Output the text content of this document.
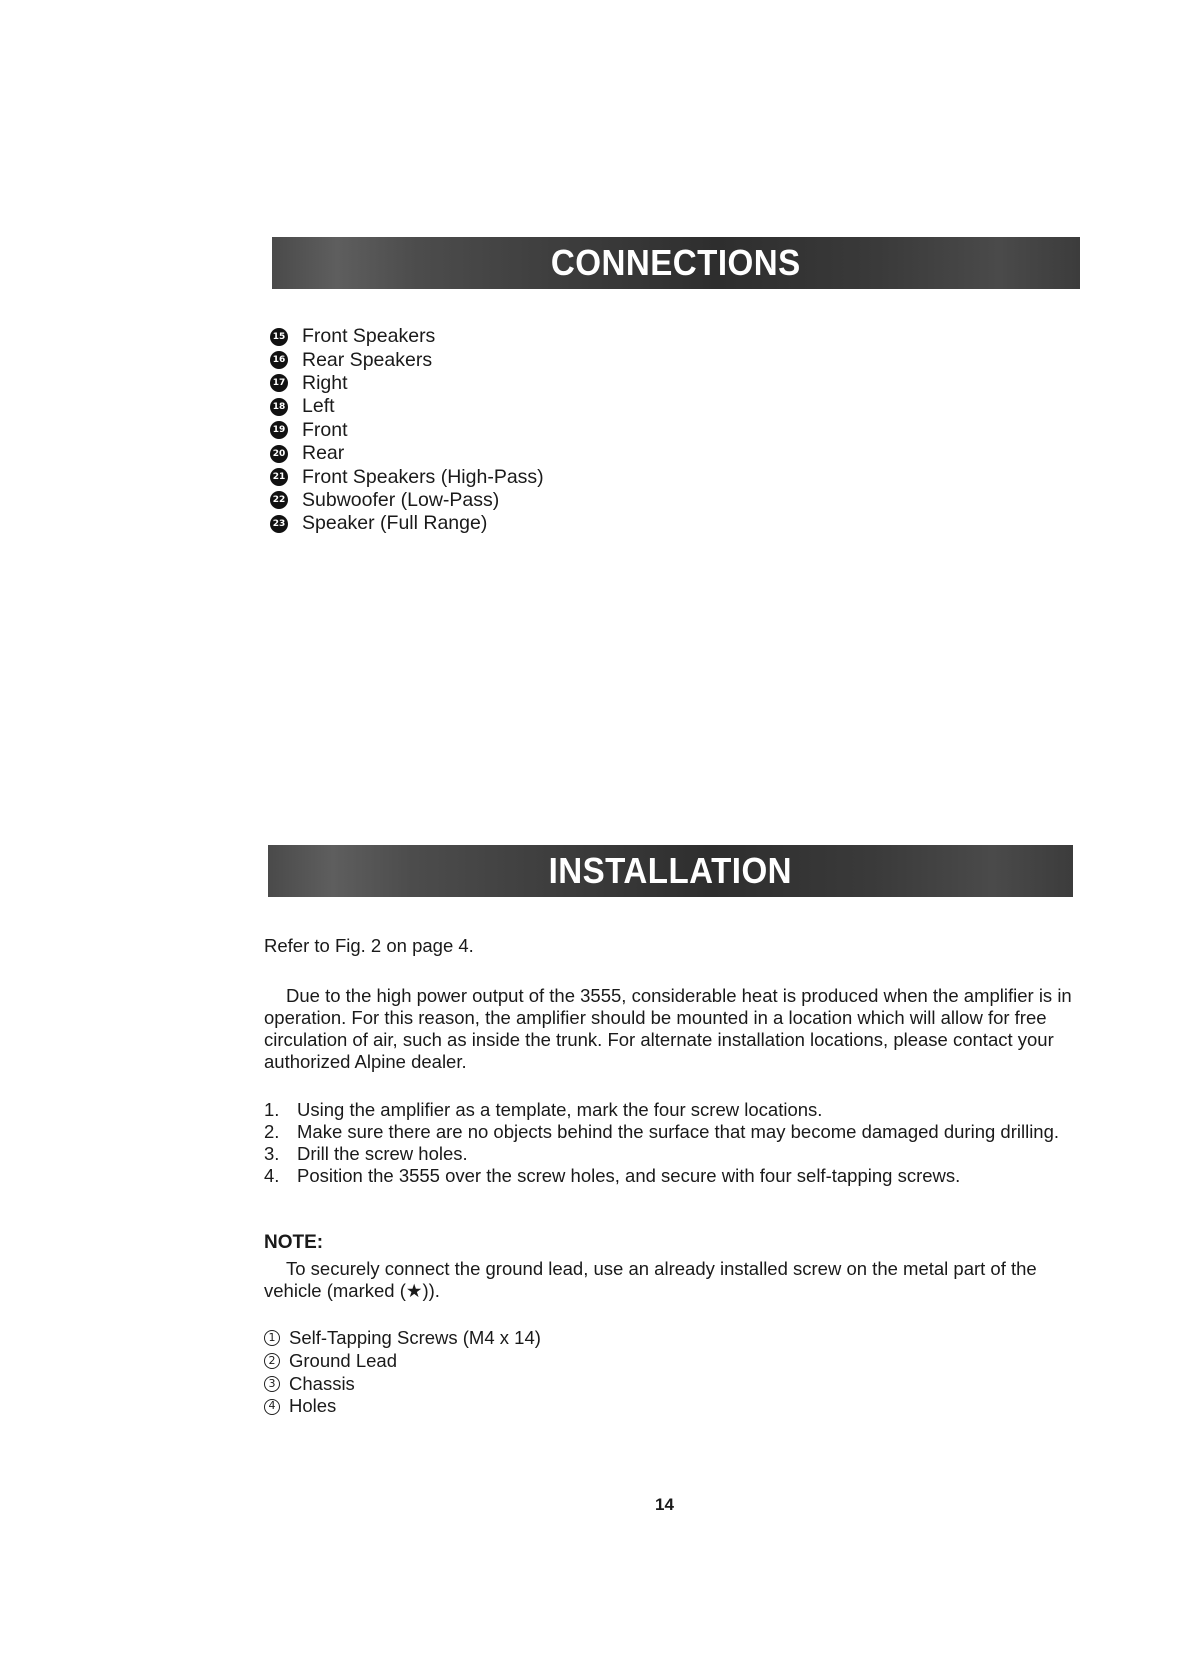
CONNECTIONS
15 Front Speakers
16 Rear Speakers
17 Right
18 Left
19 Front
20 Rear
21 Front Speakers (High-Pass)
22 Subwoofer (Low-Pass)
23 Speaker (Full Range)
INSTALLATION
Refer to Fig. 2 on page 4.

Due to the high power output of the 3555, considerable heat is produced when the amplifier is in operation. For this reason, the amplifier should be mounted in a location which will allow for free circulation of air, such as inside the trunk. For alternate installation locations, please contact your authorized Alpine dealer.

1. Using the amplifier as a template, mark the four screw locations.
2. Make sure there are no objects behind the surface that may become damaged during drilling.
3. Drill the screw holes.
4. Position the 3555 over the screw holes, and secure with four self-tapping screws.
NOTE:

To securely connect the ground lead, use an already installed screw on the metal part of the vehicle (marked (★)).

1 Self-Tapping Screws (M4 x 14)
2 Ground Lead
3 Chassis
4 Holes
14
